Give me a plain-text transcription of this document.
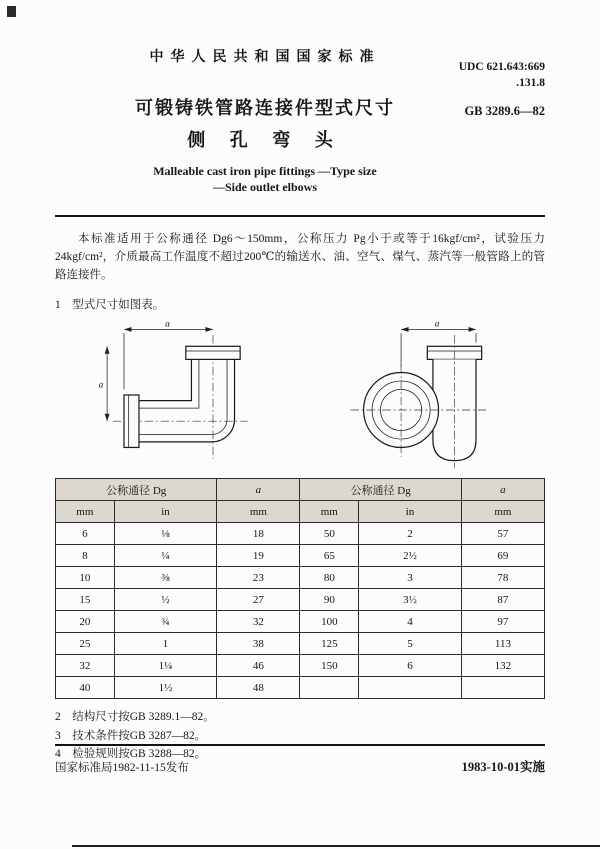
UDC 621.643:669
.131.8
GB 3289.6—82
中华人民共和国国家标准
可锻铸铁管路连接件型式尺寸
侧 孔 弯 头
Malleable cast iron pipe fittings —Type size
—Side outlet elbows

本标准适用于公称通径 Dg6～150mm，公称压力 Pg小于或等于16kgf/cm²，试验压力24kgf/cm²，介质最高工作温度不超过200℃的输送水、油、空气、煤气、蒸汽等一般管路上的管路连接件。

1　型式尺寸如图表。
a
a
a
公称通径 Dg		a	公称通径 Dg		a
mm	in	mm	mm	in	mm
6	⅛	18	50	2	57
8	¼	19	65	2½	69
10	⅜	23	80	3	78
15	½	27	90	3½	87
20	¾	32	100	4	97
25	1	38	125	5	113
32	1¼	46	150	6	132
40	1½	48			
2　结构尺寸按GB 3289.1—82。
3　技术条件按GB 3287—82。
4　检验规则按GB 3288—82。
国家标准局1982-11-15发布	1983-10-01实施
